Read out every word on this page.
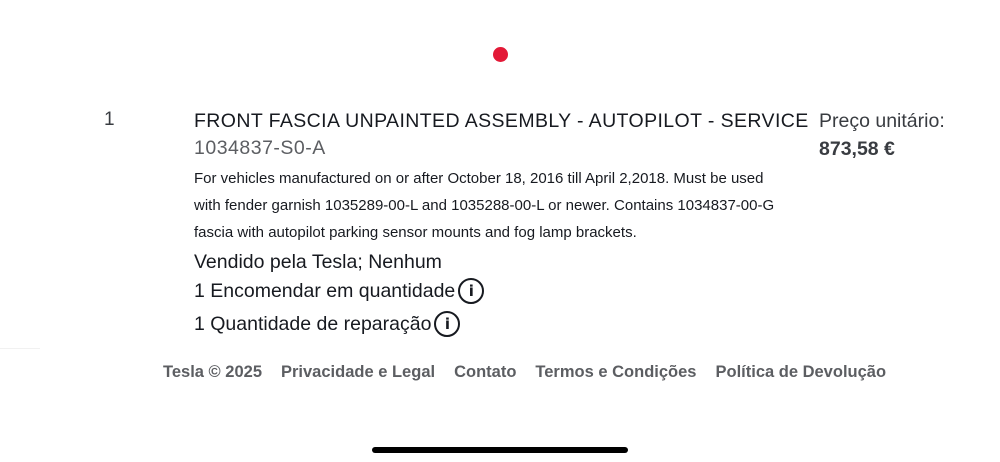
1	FRONT FASCIA UNPAINTED ASSEMBLY - AUTOPILOT - SERVICE
1034837-S0-A
For vehicles manufactured on or after October 18, 2016 till April 2,2018. Must be used with fender garnish 1035289-00-L and 1035288-00-L or newer. Contains 1034837-00-G fascia with autopilot parking sensor mounts and fog lamp brackets.
Vendido pela Tesla; Nenhum
1 Encomendar em quantidade i
1 Quantidade de reparação i
Preço unitário:
873,58 €
Tesla © 2025 Privacidade e Legal Contato Termos e Condições Política de Devolução
